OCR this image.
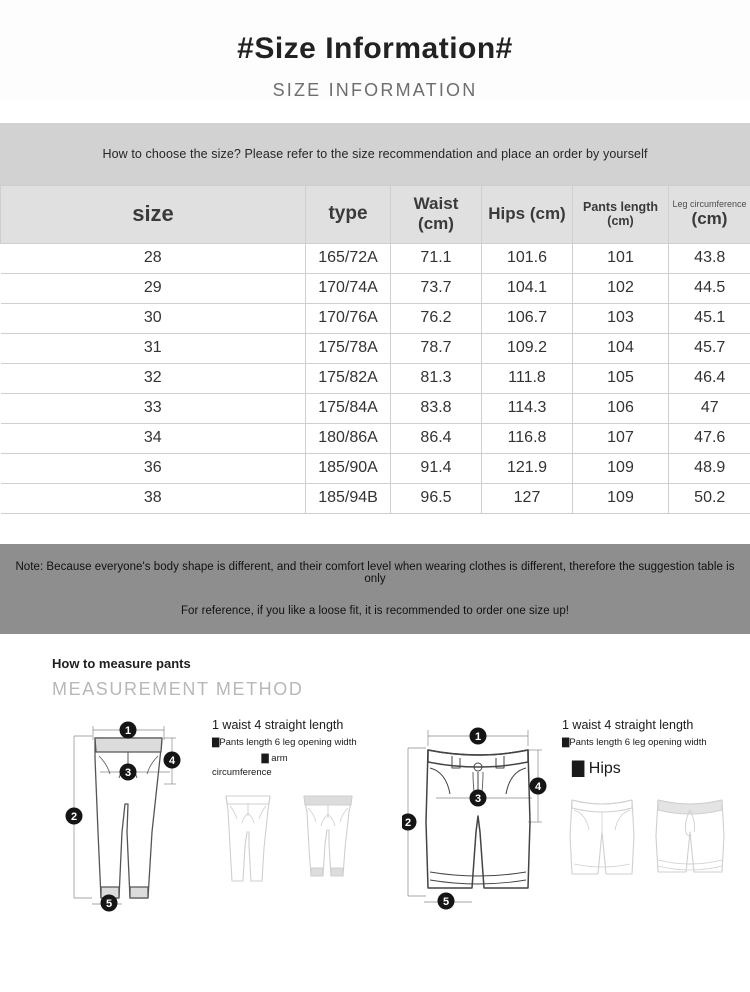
#Size Information#
SIZE INFORMATION
How to choose the size? Please refer to the size recommendation and place an order by yourself
size	type	Waist (cm)	Hips (cm)	Pants length (cm)	Leg circumference
(cm)
28	165/72A	71.1	101.6	101	43.8
29	170/74A	73.7	104.1	102	44.5
30	170/76A	76.2	106.7	103	45.1
31	175/78A	78.7	109.2	104	45.7
32	175/82A	81.3	111.8	105	46.4
33	175/84A	83.8	114.3	106	47
34	180/86A	86.4	116.8	107	47.6
36	185/90A	91.4	121.9	109	48.9
38	185/94B	96.5	127	109	50.2
Note: Because everyone's body shape is different, and their comfort level when wearing clothes is different, therefore the suggestion table is only
For reference, if you like a loose fit, it is recommended to order one size up!
How to measure pants
MEASUREMENT METHOD
1
2
3
4
5
1 waist 4 straight length
▇Pants length 6 leg opening width
▇ arm
circumference
1
2
3
4
5
1 waist 4 straight length
▇Pants length 6 leg opening width
▇ Hips
